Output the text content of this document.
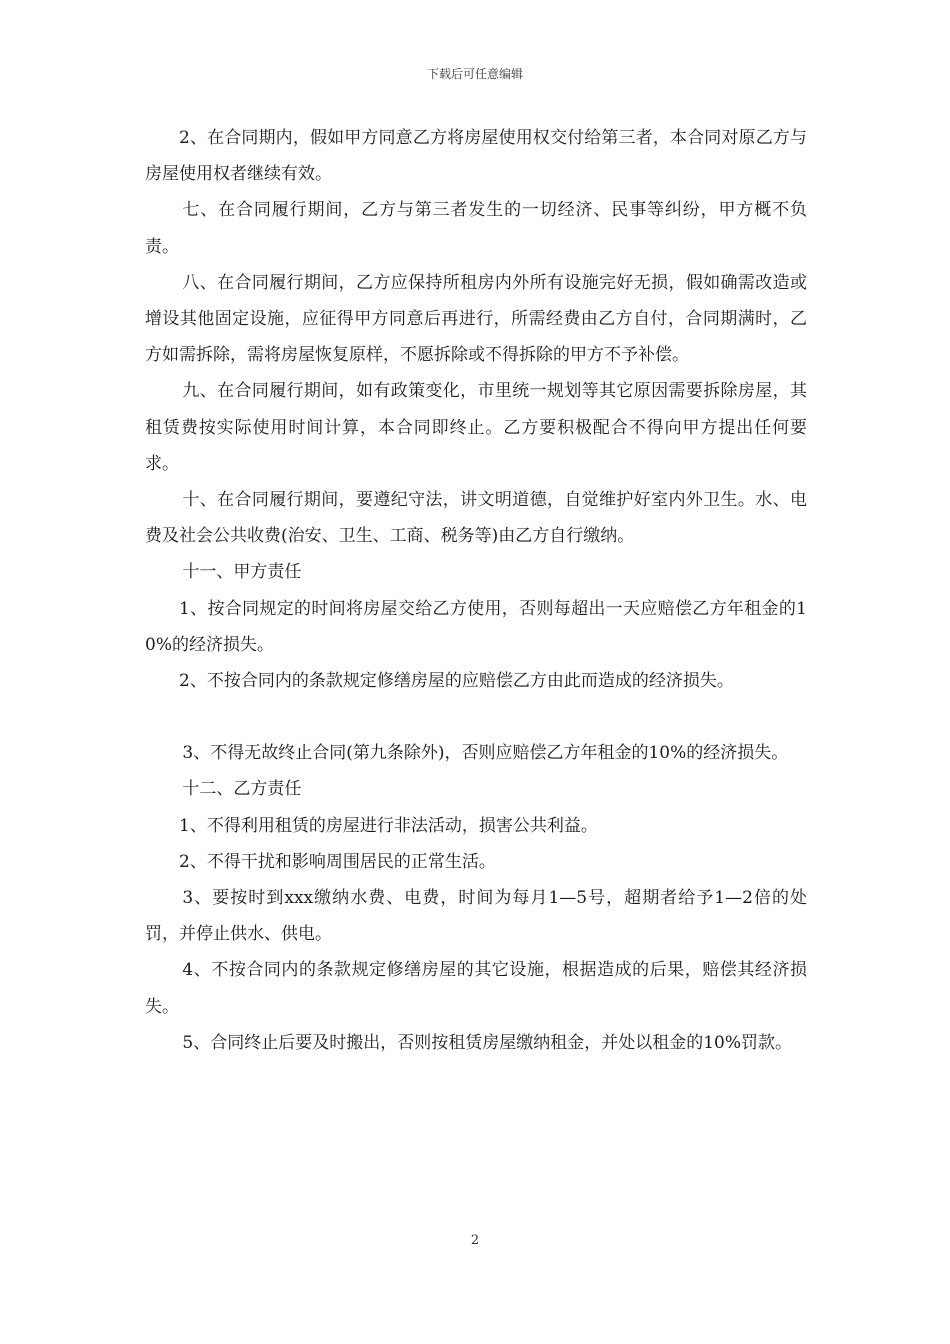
下载后可任意编辑

2、在合同期内，假如甲方同意乙方将房屋使用权交付给第三者，本合同对原乙方与房屋使用权者继续有效。

七、在合同履行期间，乙方与第三者发生的一切经济、民事等纠纷，甲方概不负责。

八、在合同履行期间，乙方应保持所租房内外所有设施完好无损，假如确需改造或增设其他固定设施，应征得甲方同意后再进行，所需经费由乙方自付，合同期满时，乙方如需拆除，需将房屋恢复原样，不愿拆除或不得拆除的甲方不予补偿。

九、在合同履行期间，如有政策变化，市里统一规划等其它原因需要拆除房屋，其租赁费按实际使用时间计算，本合同即终止。乙方要积极配合不得向甲方提出任何要求。

十、在合同履行期间，要遵纪守法，讲文明道德，自觉维护好室内外卫生。水、电费及社会公共收费(治安、卫生、工商、税务等)由乙方自行缴纳。

十一、甲方责任

1、按合同规定的时间将房屋交给乙方使用，否则每超出一天应赔偿乙方年租金的10%的经济损失。

2、不按合同内的条款规定修缮房屋的应赔偿乙方由此而造成的经济损失。

3、不得无故终止合同(第九条除外)，否则应赔偿乙方年租金的10%的经济损失。

十二、乙方责任

1、不得利用租赁的房屋进行非法活动，损害公共利益。

2、不得干扰和影响周围居民的正常生活。

3、要按时到xxx缴纳水费、电费，时间为每月1—5号，超期者给予1—2倍的处罚，并停止供水、供电。

4、不按合同内的条款规定修缮房屋的其它设施，根据造成的后果，赔偿其经济损失。

5、合同终止后要及时搬出，否则按租赁房屋缴纳租金，并处以租金的10%罚款。

2
